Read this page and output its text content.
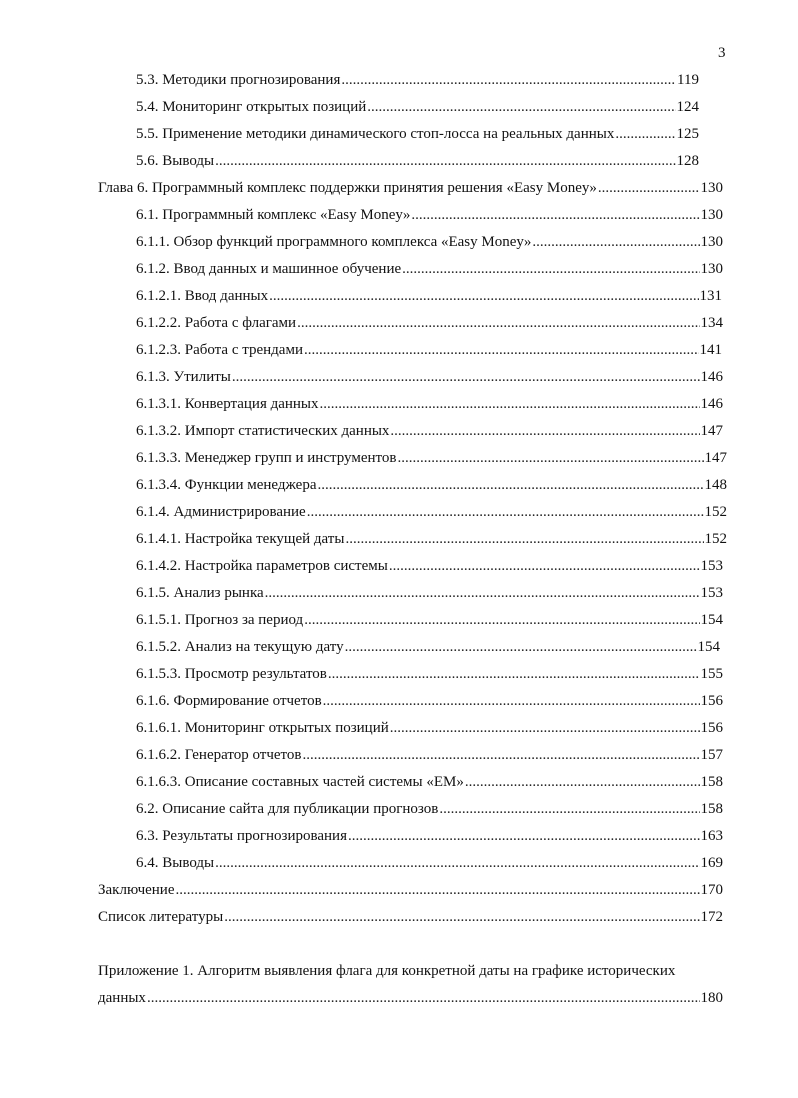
3
5.3. Методики прогнозирования .....	119
5.4. Мониторинг открытых позиций .....	124
5.5. Применение методики динамического стоп-лосса на реальных данных .....	125
5.6. Выводы .....	128
Глава 6. Программный комплекс поддержки принятия решения «Easy Money» .....	130
6.1. Программный комплекс «Easy Money» .....	130
6.1.1. Обзор функций программного комплекса «Easy Money» .....	130
6.1.2. Ввод данных и машинное обучение .....	130
6.1.2.1. Ввод данных .....	131
6.1.2.2. Работа с флагами .....	134
6.1.2.3. Работа с трендами .....	141
6.1.3. Утилиты .....	146
6.1.3.1. Конвертация данных .....	146
6.1.3.2. Импорт статистических данных .....	147
6.1.3.3. Менеджер групп и инструментов .....	147
6.1.3.4. Функции менеджера .....	148
6.1.4. Администрирование .....	152
6.1.4.1. Настройка текущей даты .....	152
6.1.4.2. Настройка параметров системы .....	153
6.1.5. Анализ рынка .....	153
6.1.5.1. Прогноз за период .....	154
6.1.5.2. Анализ на текущую дату .....	154
6.1.5.3. Просмотр результатов .....	155
6.1.6. Формирование отчетов .....	156
6.1.6.1. Мониторинг открытых позиций .....	156
6.1.6.2. Генератор отчетов .....	157
6.1.6.3. Описание составных частей системы «ЕМ» .....	158
6.2. Описание сайта для публикации прогнозов .....	158
6.3. Результаты прогнозирования .....	163
6.4. Выводы .....	169
Заключение .....	170
Список литературы .....	172
Приложение 1. Алгоритм выявления флага для конкретной даты на графике исторических
данных .....	180
